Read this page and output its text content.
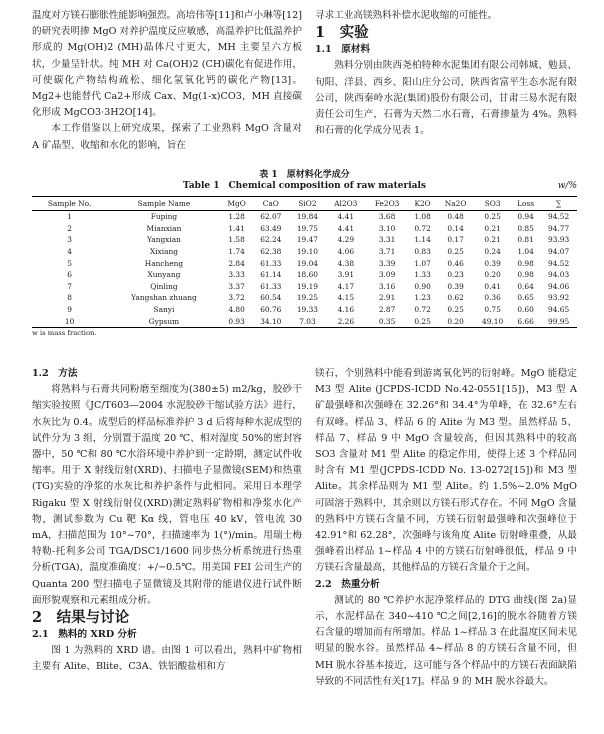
温度对方镁石膨胀性能影响强烈。高培伟等[11]和卢小琳等[12]的研究表明掺 MgO 对养护温度反应敏感，高温养护比低温养护形成的 Mg(OH)2 (MH)晶体尺寸更大，MH 主要呈六方板状，少量呈针状。纯 MH 对 Ca(OH)2 (CH)碳化有促进作用，可使碳化产物结构疏松、细化氢氧化钙的碳化产物[13]。Mg2+也能替代 Ca2+形成 Cax、Mg(1-x)CO3，MH 直接碳化形成 MgCO3·3H2O[14]。

本工作借鉴以上研究成果，探索了工业熟料 MgO 含量对 A 矿晶型、收缩和水化的影响，旨在

寻求工业高镁熟料补偿水泥收缩的可能性。

1　实验

1.1　原材料

熟料分别由陕西尧柏特种水泥集团有限公司韩城、勉县、旬阳、洋县、西乡、阳山庄分公司，陕西省富平生态水泥有限公司，陕西秦岭水泥(集团)股份有限公司，甘肃三易水泥有限责任公司生产，石膏为天然二水石膏，石膏掺量为 4%。熟料和石膏的化学成分见表 1。

表 1　原材料化学成分
Table 1　Chemical composition of raw materials	w/%
Sample No.	Sample Name	MgO	CaO	SiO2	Al2O3	Fe2O3	K2O	Na2O	SO3	Loss	∑
1	Fuping	1.28	62.07	19.84	4.41	3.68	1.08	0.48	0.25	0.94	94.52
2	Mianxian	1.41	63.49	19.75	4.41	3.10	0.72	0.14	0.21	0.85	94.77
3	Yangxian	1.58	62.24	19.47	4.29	3.31	1.14	0.17	0.21	0.81	93.93
4	Xixiang	1.74	62.38	19.10	4.06	3.71	0.83	0.25	0.24	1.04	94.07
5	Hancheng	2.84	61.33	19.04	4.38	3.39	1.07	0.46	0.39	0.98	94.52
6	Xunyang	3.33	61.14	18.60	3.91	3.09	1.33	0.23	0.20	0.98	94.03
7	Qinling	3.37	61.33	19.19	4.17	3.16	0.90	0.39	0.41	0.64	94.06
8	Yangshan zhuang	3.72	60.54	19.25	4.15	2.91	1.23	0.62	0.36	0.65	93.92
9	Sanyi	4.80	60.76	19.33	4.16	2.87	0.72	0.25	0.75	0.60	94.65
10	Gypsum	0.93	34.10	7.03	2.26	0.35	0.25	0.20	49.10	6.66	99.95
w is mass fraction.

1.2　方法

将熟料与石膏共同粉磨至细度为(380±5) m2/kg，胶砂干缩实验按照《JC/T603—2004 水泥胶砂干缩试验方法》进行，水灰比为 0.4。成型后的样品标准养护 3 d 后将每种水泥成型的试件分为 3 组，分别置于温度 20 ℃、相对湿度 50%的密封容器中，50 ℃和 80 ℃水浴环境中养护到一定龄期，测定试件收缩率。用于 X 射线衍射(XRD)、扫描电子显微镜(SEM)和热重(TG)实验的净浆的水灰比和养护条件与此相同。采用日本理学 Rigaku 型 X 射线衍射仪(XRD)测定熟料矿物相和净浆水化产物，测试参数为 Cu 靶 Kα 线，管电压 40 kV，管电流 30 mA，扫描范围为 10°~70°，扫描速率为 1(°)/min。用瑞士梅特勒-托利多公司 TGA/DSC1/1600 同步热分析系统进行热重分析(TGA)，温度准确度：+/−0.5℃。用美国 FEI 公司生产的 Quanta 200 型扫描电子显微镜及其附带的能谱仪进行试件断面形貌观察和元素组成分析。

2　结果与讨论

2.1　熟料的 XRD 分析

图 1 为熟料的 XRD 谱。由图 1 可以看出，熟料中矿物相主要有 Alite、Blite、C3A、铁铝酸盐相和方

镁石，个别熟料中能看到游离氧化钙的衍射峰。MgO 能稳定 M3 型 Alite (JCPDS-ICDD No.42-0551[15])，M3 型 A 矿最强峰和次强峰在 32.26°和 34.4°为单峰，在 32.6°左右有双峰。样品 3、样品 6 的 Alite 为 M3 型。虽然样品 5、样品 7、样品 9 中 MgO 含量较高，但因其熟料中的较高 SO3 含量对 M1 型 Alite 的稳定作用，使得上述 3 个样品同时含有 M1 型(JCPDS-ICDD No. 13-0272[15])和 M3 型 Alite。其余样品则为 M1 型 Alite。约 1.5%~2.0% MgO 可固溶于熟料中，其余则以方镁石形式存在。不同 MgO 含量的熟料中方镁石含量不同，方镁石衍射最强峰和次强峰位于 42.91°和 62.28°，次强峰与该角度 Alite 衍射峰重叠，从最强峰看出样品 1~样品 4 中的方镁石衍射峰很低，样品 9 中方镁石含量最高，其他样品的方镁石含量介于之间。

2.2　热重分析

测试的 80 ℃养护水泥净浆样品的 DTG 曲线(图 2a)显示，水泥样品在 340~410 ℃之间[2,16]的脱水谷随着方镁石含量的增加而有所增加。样品 1~样品 3 在此温度区间未见明显的脱水谷。虽然样品 4~样品 8 的方镁石含量不同，但 MH 脱水谷基本接近，这可能与各个样品中的方镁石表面缺陷导致的不同活性有关[17]。样品 9 的 MH 脱水谷最大。
